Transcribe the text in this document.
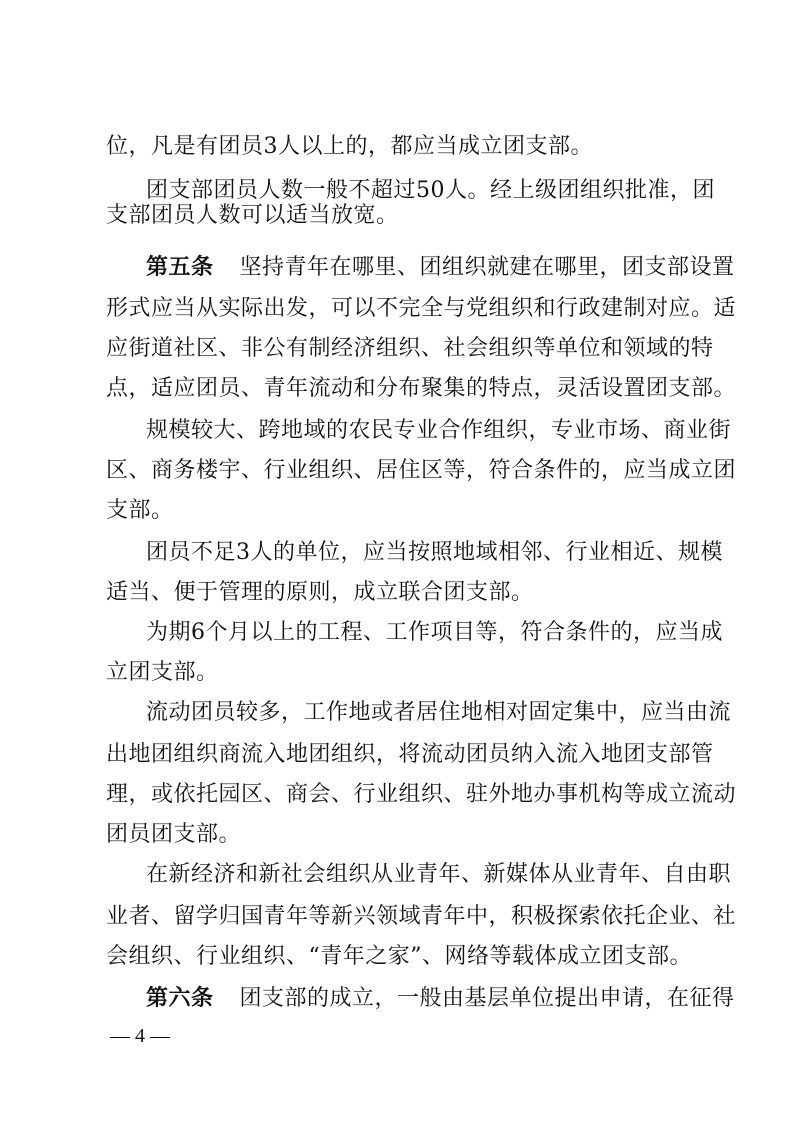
位，凡是有团员3人以上的，都应当成立团支部。
团支部团员人数一般不超过50人。经上级团组织批准，团
支部团员人数可以适当放宽。
第五条 坚持青年在哪里、团组织就建在哪里，团支部设置
形式应当从实际出发，可以不完全与党组织和行政建制对应。适
应街道社区、非公有制经济组织、社会组织等单位和领域的特
点，适应团员、青年流动和分布聚集的特点，灵活设置团支部。
规模较大、跨地域的农民专业合作组织，专业市场、商业街
区、商务楼宇、行业组织、居住区等，符合条件的，应当成立团
支部。
团员不足3人的单位，应当按照地域相邻、行业相近、规模
适当、便于管理的原则，成立联合团支部。
为期6个月以上的工程、工作项目等，符合条件的，应当成
立团支部。
流动团员较多，工作地或者居住地相对固定集中，应当由流
出地团组织商流入地团组织，将流动团员纳入流入地团支部管
理，或依托园区、商会、行业组织、驻外地办事机构等成立流动
团员团支部。
在新经济和新社会组织从业青年、新媒体从业青年、自由职
业者、留学归国青年等新兴领域青年中，积极探索依托企业、社
会组织、行业组织、“青年之家”、网络等载体成立团支部。
第六条 团支部的成立，一般由基层单位提出申请，在征得
— 4 —
